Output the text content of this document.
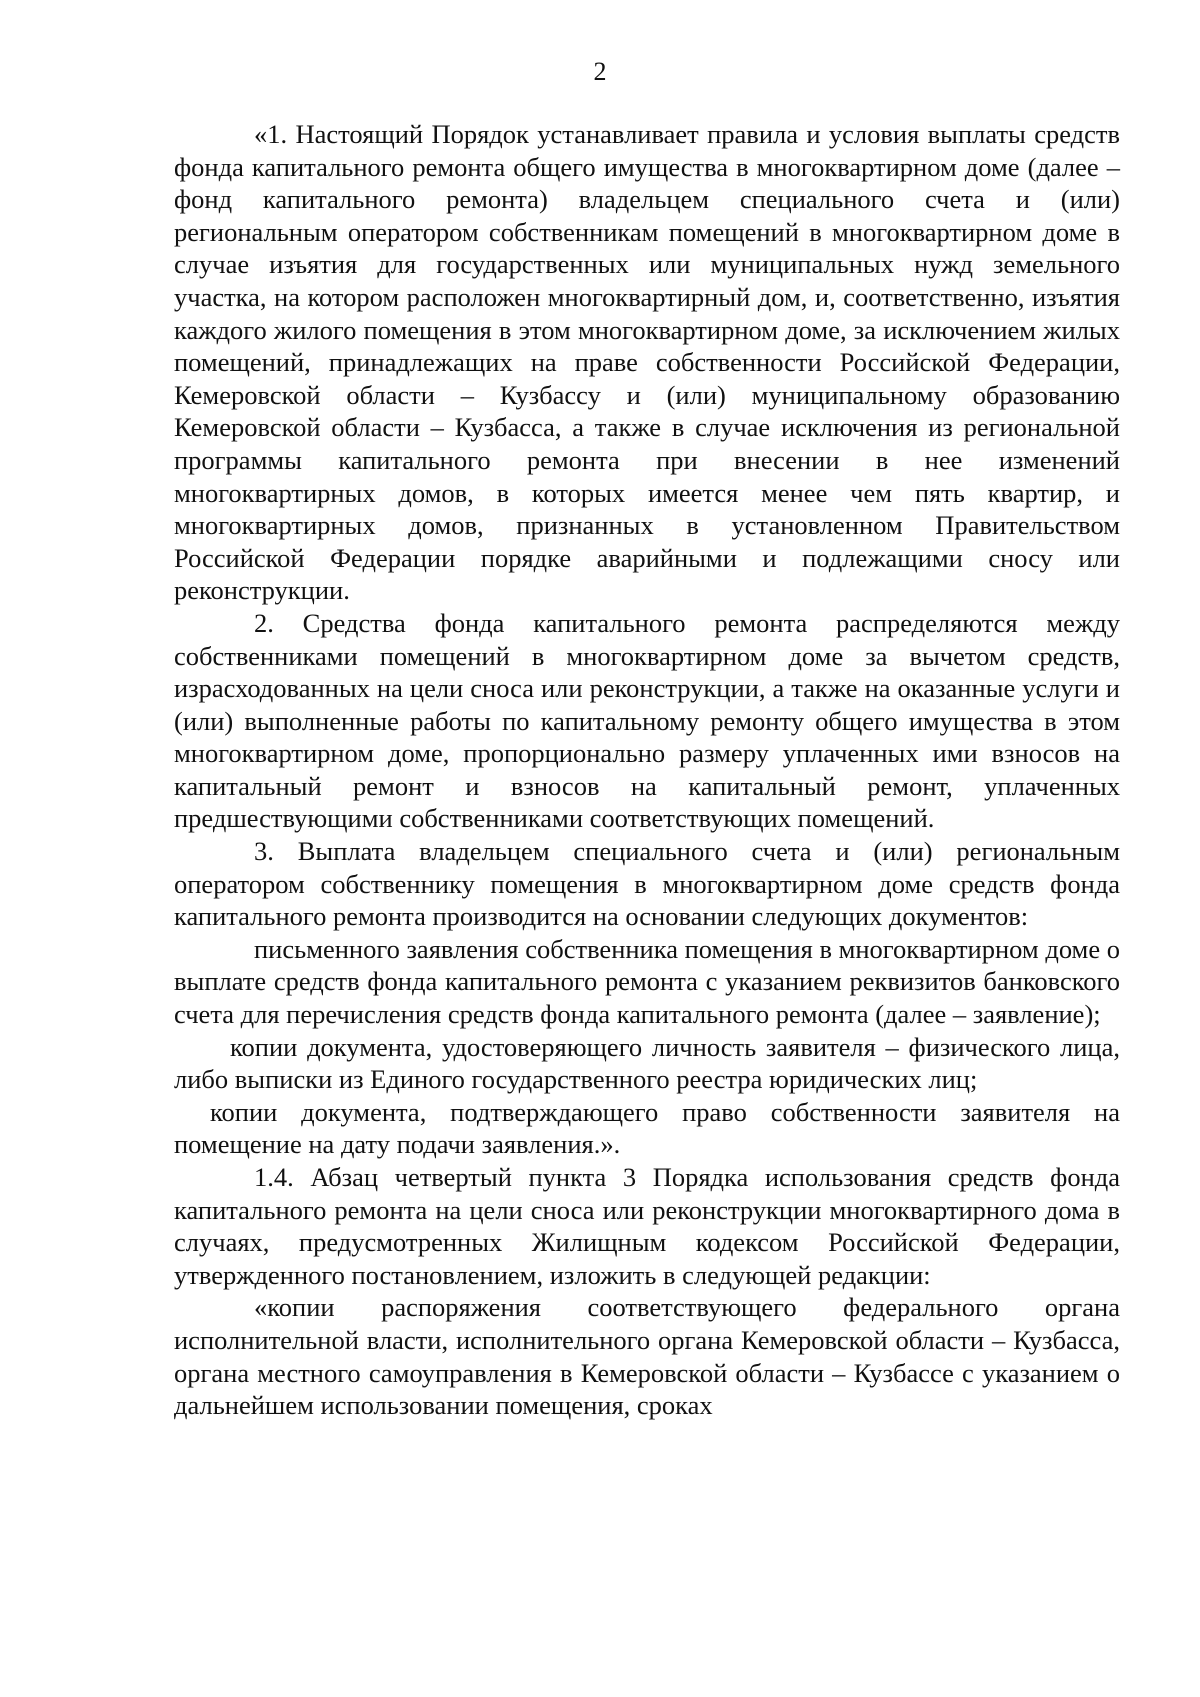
2

«1. Настоящий Порядок устанавливает правила и условия выплаты средств фонда капитального ремонта общего имущества в многоквартирном доме (далее – фонд капитального ремонта) владельцем специального счета и (или) региональным оператором собственникам помещений в многоквартирном доме в случае изъятия для государственных или муниципальных нужд земельного участка, на котором расположен многоквартирный дом, и, соответственно, изъятия каждого жилого помещения в этом многоквартирном доме, за исключением жилых помещений, принадлежащих на праве собственности Российской Федерации, Кемеровской области – Кузбассу и (или) муниципальному образованию Кемеровской области – Кузбасса, а также в случае исключения из региональной программы капитального ремонта при внесении в нее изменений многоквартирных домов, в которых имеется менее чем пять квартир, и многоквартирных домов, признанных в установленном Правительством Российской Федерации порядке аварийными и подлежащими сносу или реконструкции.

2. Средства фонда капитального ремонта распределяются между собственниками помещений в многоквартирном доме за вычетом средств, израсходованных на цели сноса или реконструкции, а также на оказанные услуги и (или) выполненные работы по капитальному ремонту общего имущества в этом многоквартирном доме, пропорционально размеру уплаченных ими взносов на капитальный ремонт и взносов на капитальный ремонт, уплаченных предшествующими собственниками соответствующих помещений.

3. Выплата владельцем специального счета и (или) региональным оператором собственнику помещения в многоквартирном доме средств фонда капитального ремонта производится на основании следующих документов:

письменного заявления собственника помещения в многоквартирном доме о выплате средств фонда капитального ремонта с указанием реквизитов банковского счета для перечисления средств фонда капитального ремонта (далее – заявление);

копии документа, удостоверяющего личность заявителя – физического лица, либо выписки из Единого государственного реестра юридических лиц;

копии документа, подтверждающего право собственности заявителя на помещение на дату подачи заявления.».

1.4. Абзац четвертый пункта 3 Порядка использования средств фонда капитального ремонта на цели сноса или реконструкции многоквартирного дома в случаях, предусмотренных Жилищным кодексом Российской Федерации, утвержденного постановлением, изложить в следующей редакции:

«копии распоряжения соответствующего федерального органа исполнительной власти, исполнительного органа Кемеровской области – Кузбасса, органа местного самоуправления в Кемеровской области – Кузбассе с указанием о дальнейшем использовании помещения, сроках
